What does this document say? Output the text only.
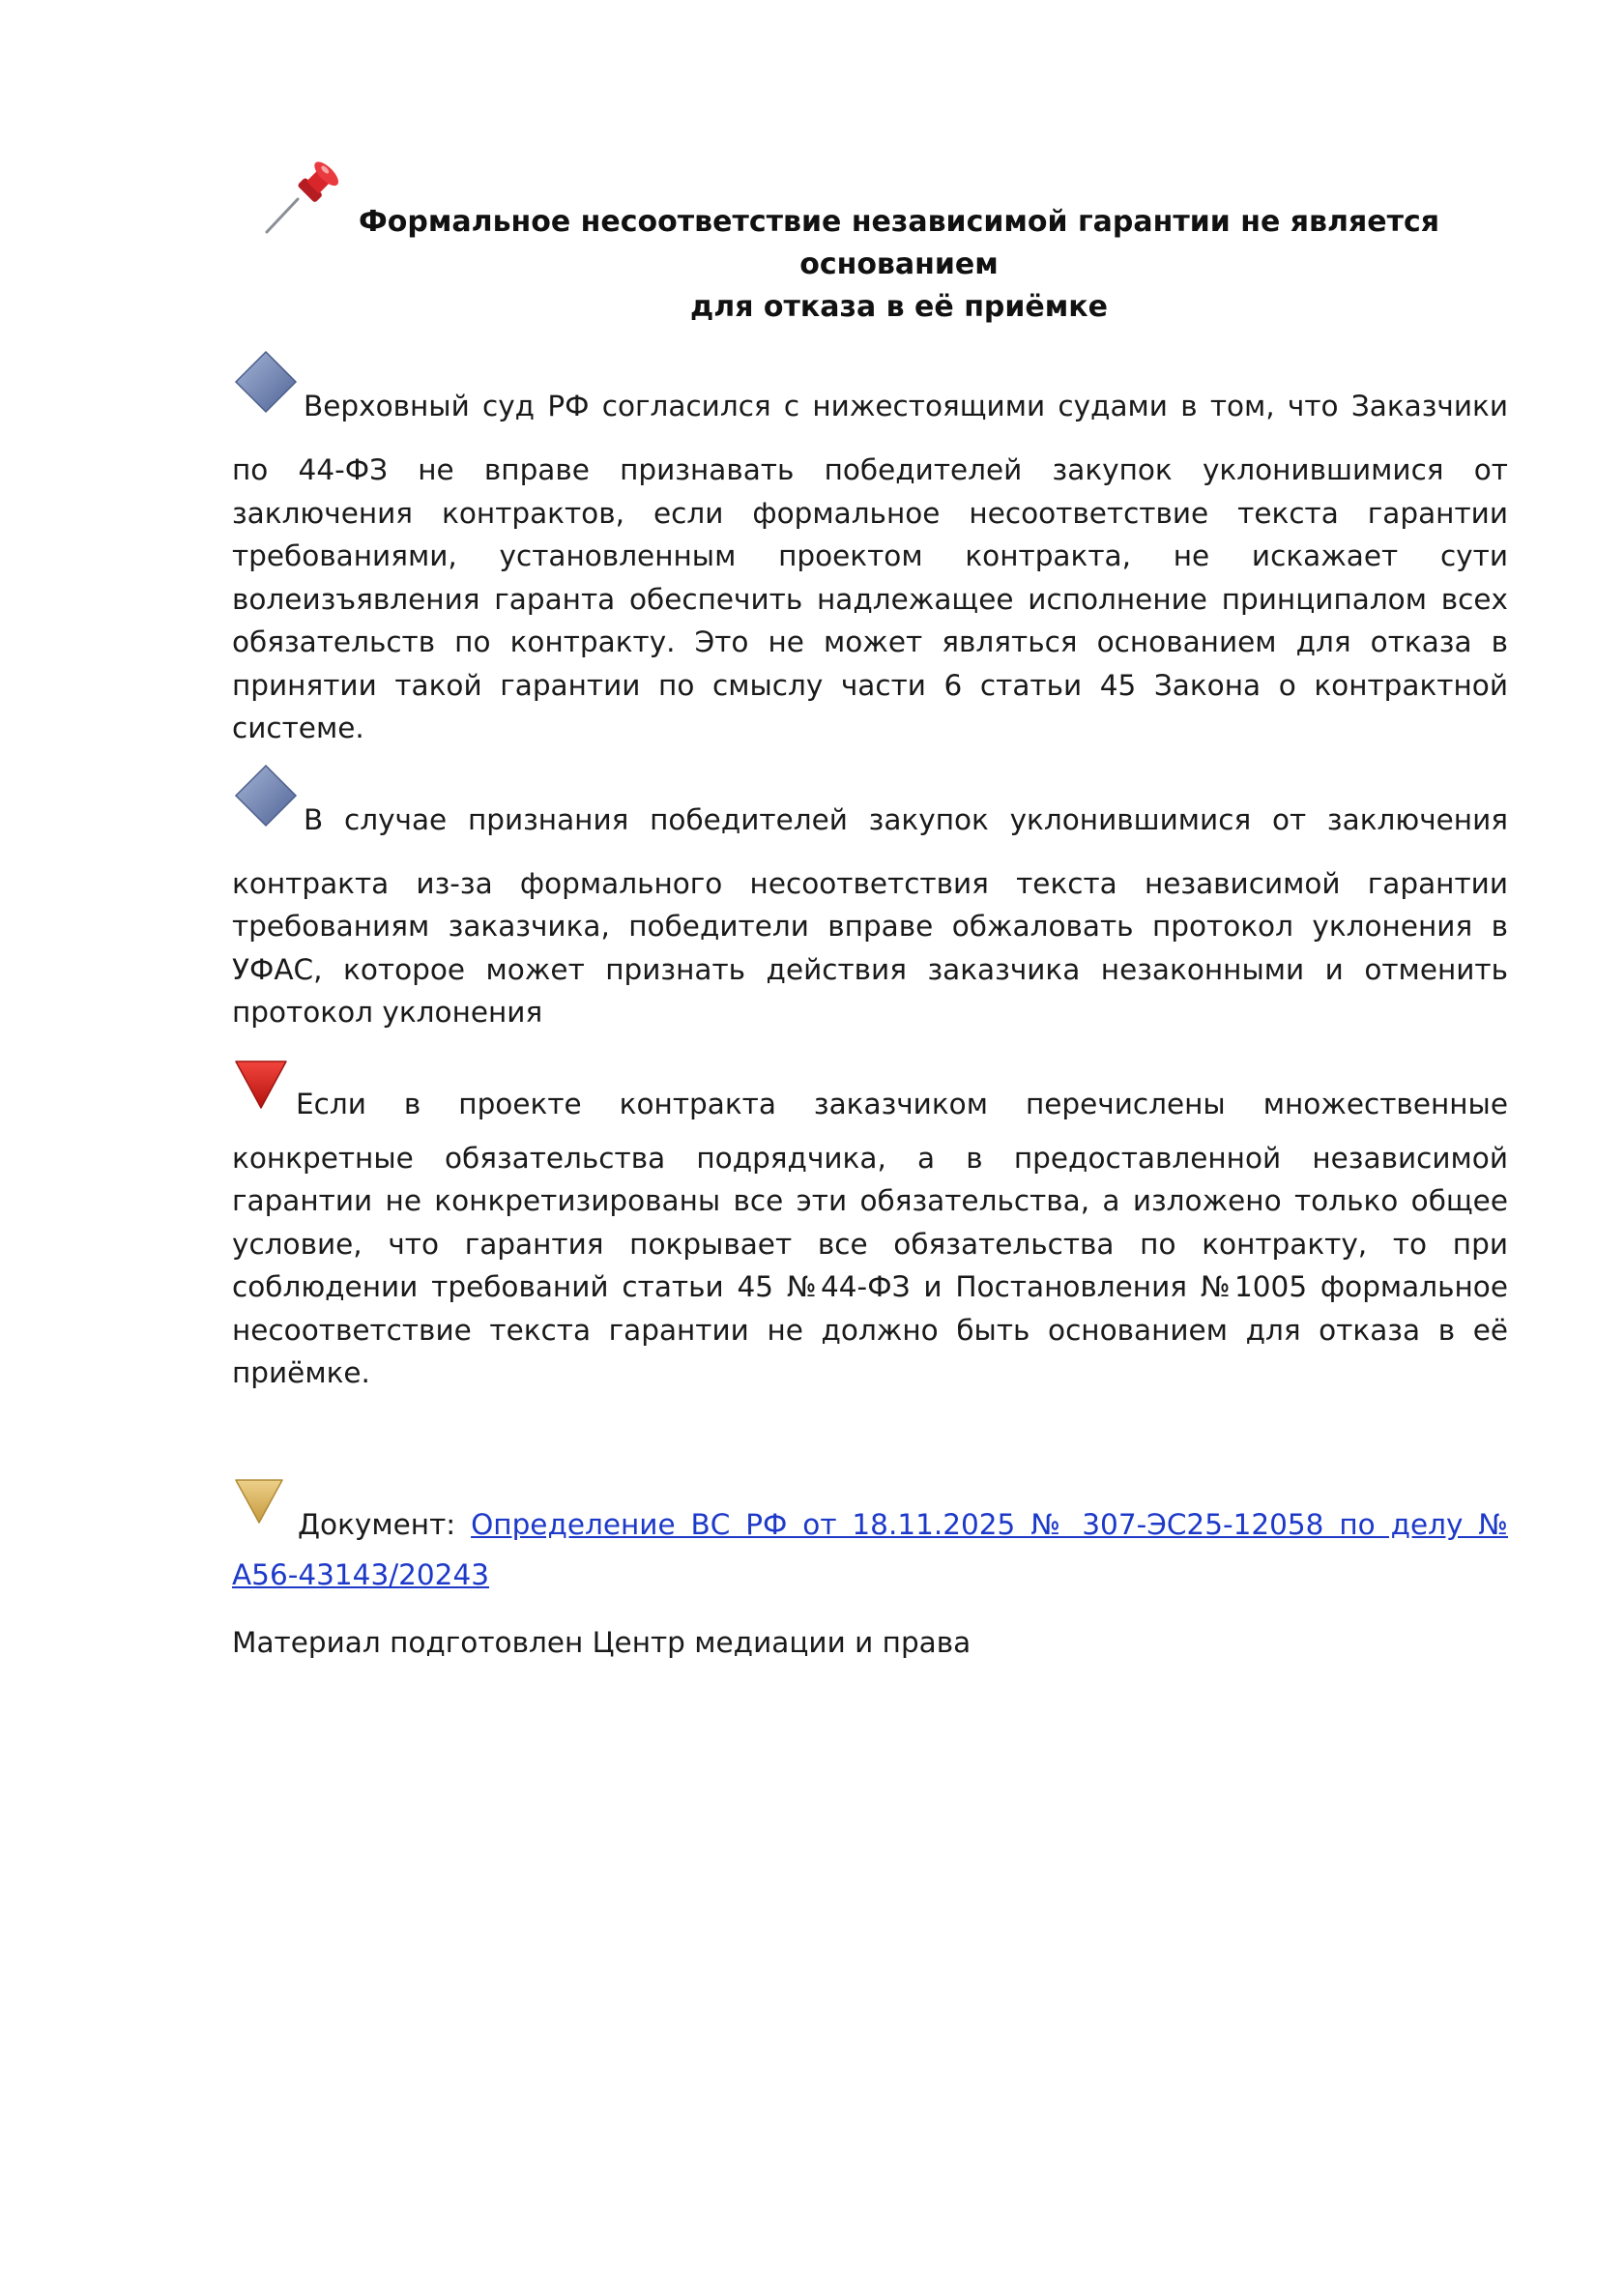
Формальное несоответствие независимой гарантии не является основанием
для отказа в её приёмке

Верховный суд РФ согласился с нижестоящими судами в том, что Заказчики по 44-ФЗ не вправе признавать победителей закупок уклонившимися от заключения контрактов, если формальное несоответствие текста гарантии требованиями, установленным проектом контракта, не искажает сути волеизъявления гаранта обеспечить надлежащее исполнение принципалом всех обязательств по контракту. Это не может являться основанием для отказа в принятии такой гарантии по смыслу части 6 статьи 45 Закона о контрактной системе.

В случае признания победителей закупок уклонившимися от заключения контракта из-за формального несоответствия текста независимой гарантии требованиям заказчика, победители вправе обжаловать протокол уклонения в УФАС, которое может признать действия заказчика незаконными и отменить протокол уклонения

Если в проекте контракта заказчиком перечислены множественные конкретные обязательства подрядчика, а в предоставленной независимой гарантии не конкретизированы все эти обязательства, а изложено только общее условие, что гарантия покрывает все обязательства по контракту, то при соблюдении требований статьи 45 №44-ФЗ и Постановления №1005 формальное несоответствие текста гарантии не должно быть основанием для отказа в её приёмке.

Документ: Определение ВС РФ от 18.11.2025 № 307-ЭС25-12058 по делу № А56-43143/20243

Материал подготовлен Центр медиации и права
